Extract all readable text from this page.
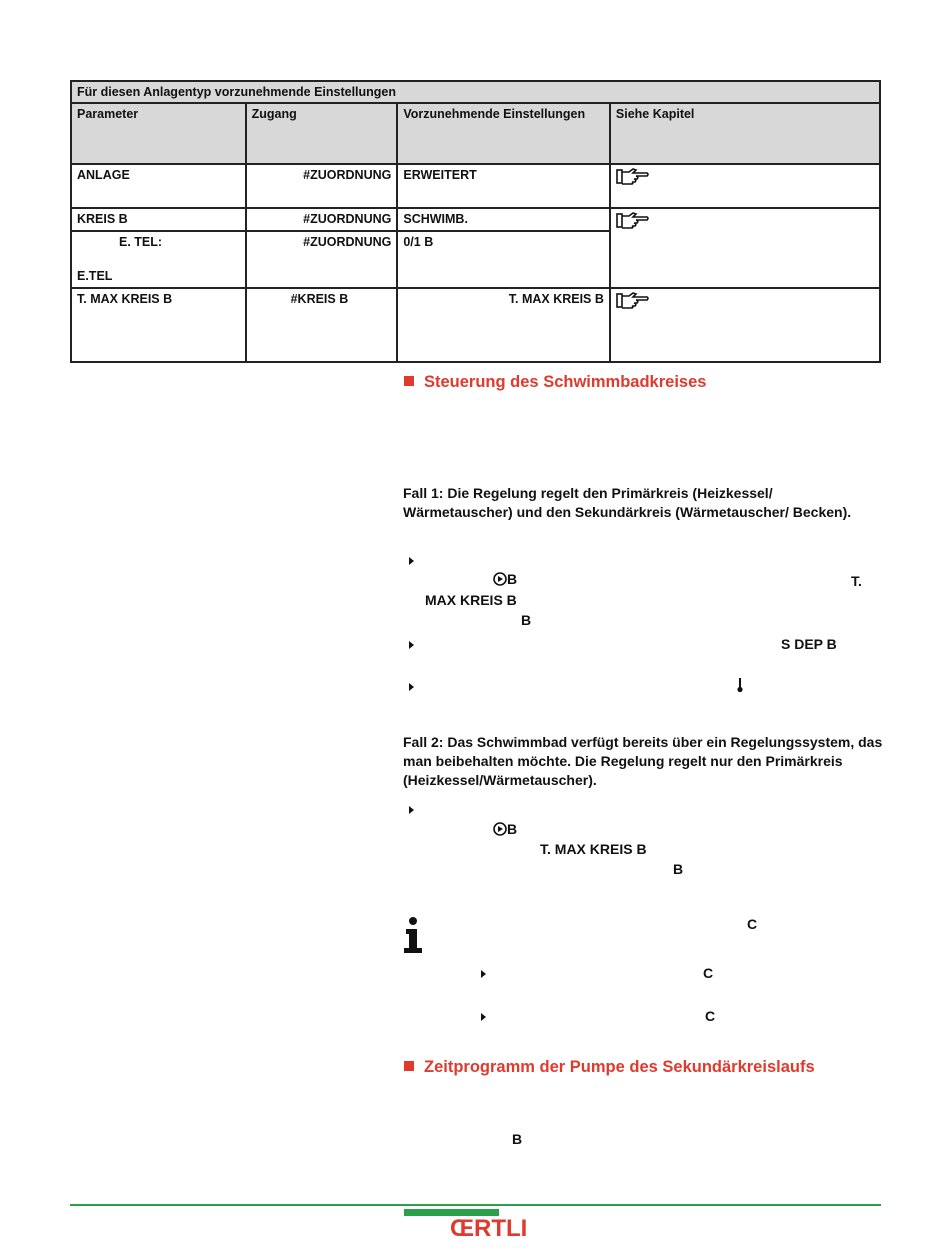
Für diesen Anlagentyp vorzunehmende Einstellungen			
Parameter	Zugang	Vorzunehmende Einstellungen	Siehe Kapitel
ANLAGE	#ZUORDNUNG	ERWEITERT	
KREIS B	#ZUORDNUNG	SCHWIMB.	

E. TEL:
E.TEL	#ZUORDNUNG	0/1 B	
T. MAX KREIS B	#KREIS B	T. MAX KREIS B	
Steuerung des Schwimmbadkreises
Fall 1: Die Regelung regelt den Primärkreis (Heizkessel/ Wärmetauscher) und den Sekundärkreis (Wärmetauscher/ Becken).
B	T.
MAX KREIS B
B
S DEP B
Fall 2: Das Schwimmbad verfügt bereits über ein Regelungssystem, das man beibehalten möchte. Die Regelung regelt nur den Primärkreis (Heizkessel/Wärmetauscher).
B
T. MAX KREIS B
B
C
C
C
Zeitprogramm der Pumpe des Sekundärkreislaufs
B
ŒRTLI
